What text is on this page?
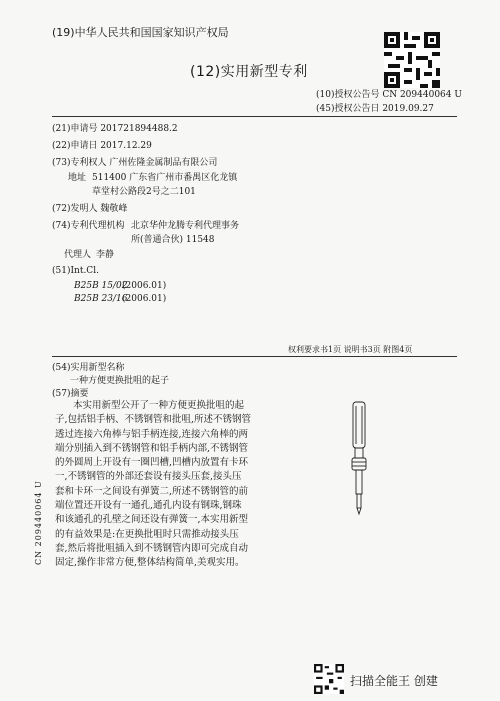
(19)中华人民共和国国家知识产权局
(12)实用新型专利
(10)授权公告号 CN 209440064 U
(45)授权公告日 2019.09.27
(21)申请号 201721894488.2
(22)申请日 2017.12.29
(73)专利权人 广州佐隆金属制品有限公司
地址 511400 广东省广州市番禺区化龙镇
草堂村公路段2号之二101
(72)发明人 魏敬峰
(74)专利代理机构 北京华仲龙腾专利代理事务
所(普通合伙) 11548
代理人 李静
(51)Int.Cl.
B25B 15/02
(2006.01)
B25B 23/16
(2006.01)
权利要求书1页 说明书3页 附图4页
(54)实用新型名称
一种方便更换批咀的起子
(57)摘要

本实用新型公开了一种方便更换批咀的起

子,包括铝手柄、不锈钢管和批咀,所述不锈钢管

透过连接六角棒与铝手柄连接,连接六角棒的两

端分别插入到不锈钢管和铝手柄内部,不锈钢管

的外圆周上开设有一圈凹槽,凹槽内放置有卡环

一,不锈钢管的外部还套设有接头压套,接头压

套和卡环一之间设有弹簧二,所述不锈钢管的前

端位置还开设有一通孔,通孔内设有钢珠,钢珠

和该通孔的孔壁之间还设有弹簧一,本实用新型

的有益效果是:在更换批咀时只需推动接头压

套,然后将批咀插入到不锈钢管内即可完成自动

固定,操作非常方便,整体结构简单,美观实用。

CN 209440064 U
扫描全能王 创建
